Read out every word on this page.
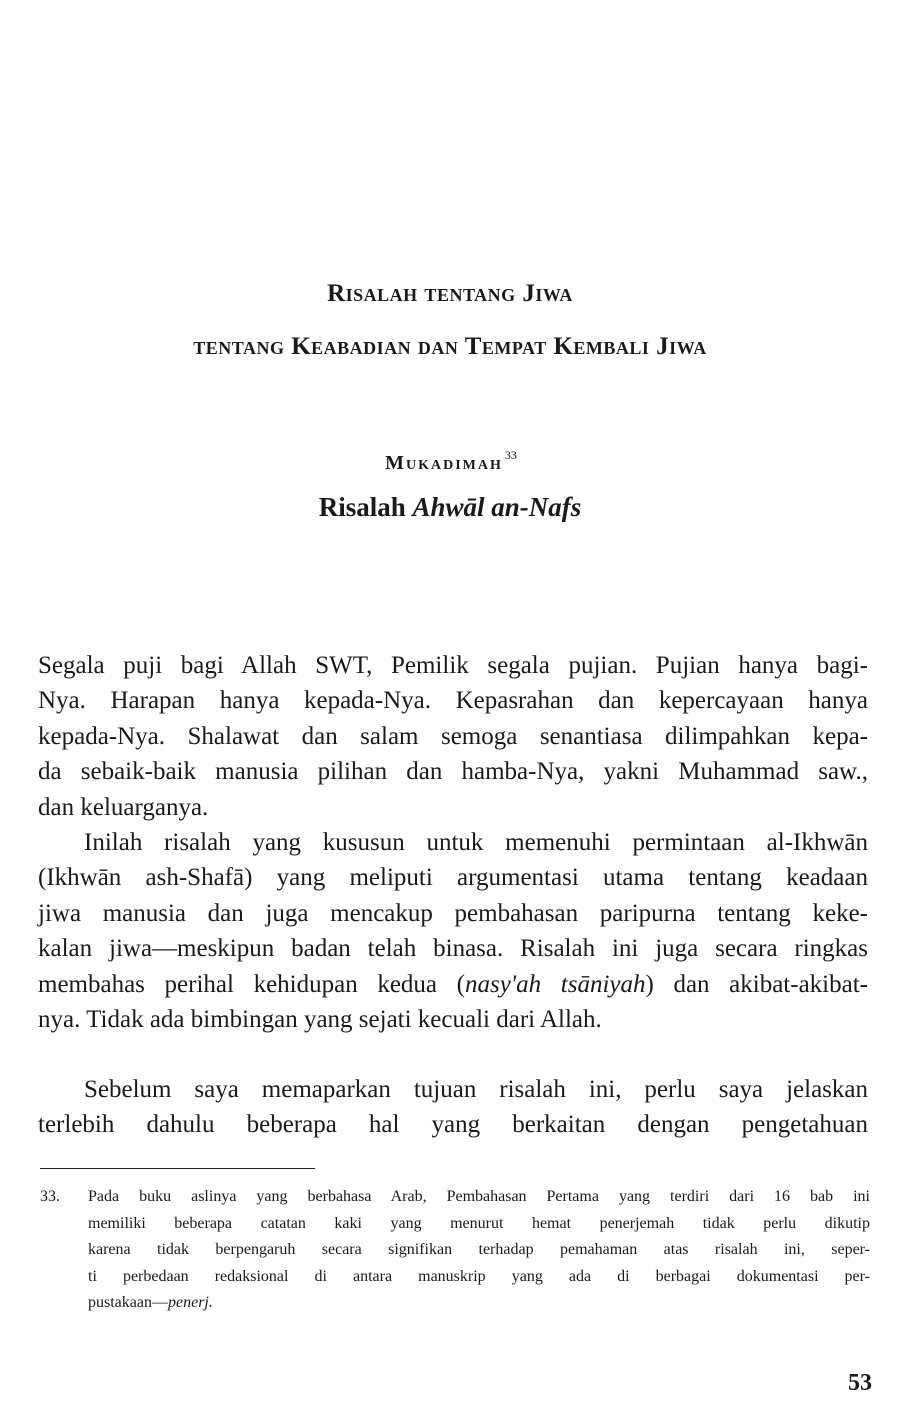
Risalah tentang Jiwa
tentang Keabadian dan Tempat Kembali Jiwa
Mukadimah $^{33}$
Risalah Ahwāl an-Nafs
Segala puji bagi Allah SWT, Pemilik segala pujian. Pujian hanya bagi-
Nya. Harapan hanya kepada-Nya. Kepasrahan dan kepercayaan hanya
kepada-Nya. Shalawat dan salam semoga senantiasa dilimpahkan kepa-
da sebaik-baik manusia pilihan dan hamba-Nya, yakni Muhammad saw.,
dan keluarganya.
Inilah risalah yang kususun untuk memenuhi permintaan al-Ikhwān
(Ikhwān ash-Shafā) yang meliputi argumentasi utama tentang keadaan
jiwa manusia dan juga mencakup pembahasan paripurna tentang keke-
kalan jiwa—meskipun badan telah binasa. Risalah ini juga secara ringkas
membahas perihal kehidupan kedua (nasy'ah tsāniyah) dan akibat-akibat-
nya. Tidak ada bimbingan yang sejati kecuali dari Allah.
Sebelum saya memaparkan tujuan risalah ini, perlu saya jelaskan
terlebih dahulu beberapa hal yang berkaitan dengan pengetahuan
33. Pada buku aslinya yang berbahasa Arab, Pembahasan Pertama yang terdiri dari 16 bab ini
memiliki beberapa catatan kaki yang menurut hemat penerjemah tidak perlu dikutip
karena tidak berpengaruh secara signifikan terhadap pemahaman atas risalah ini, seper-
ti perbedaan redaksional di antara manuskrip yang ada di berbagai dokumentasi per-
pustakaan—penerj.
53
